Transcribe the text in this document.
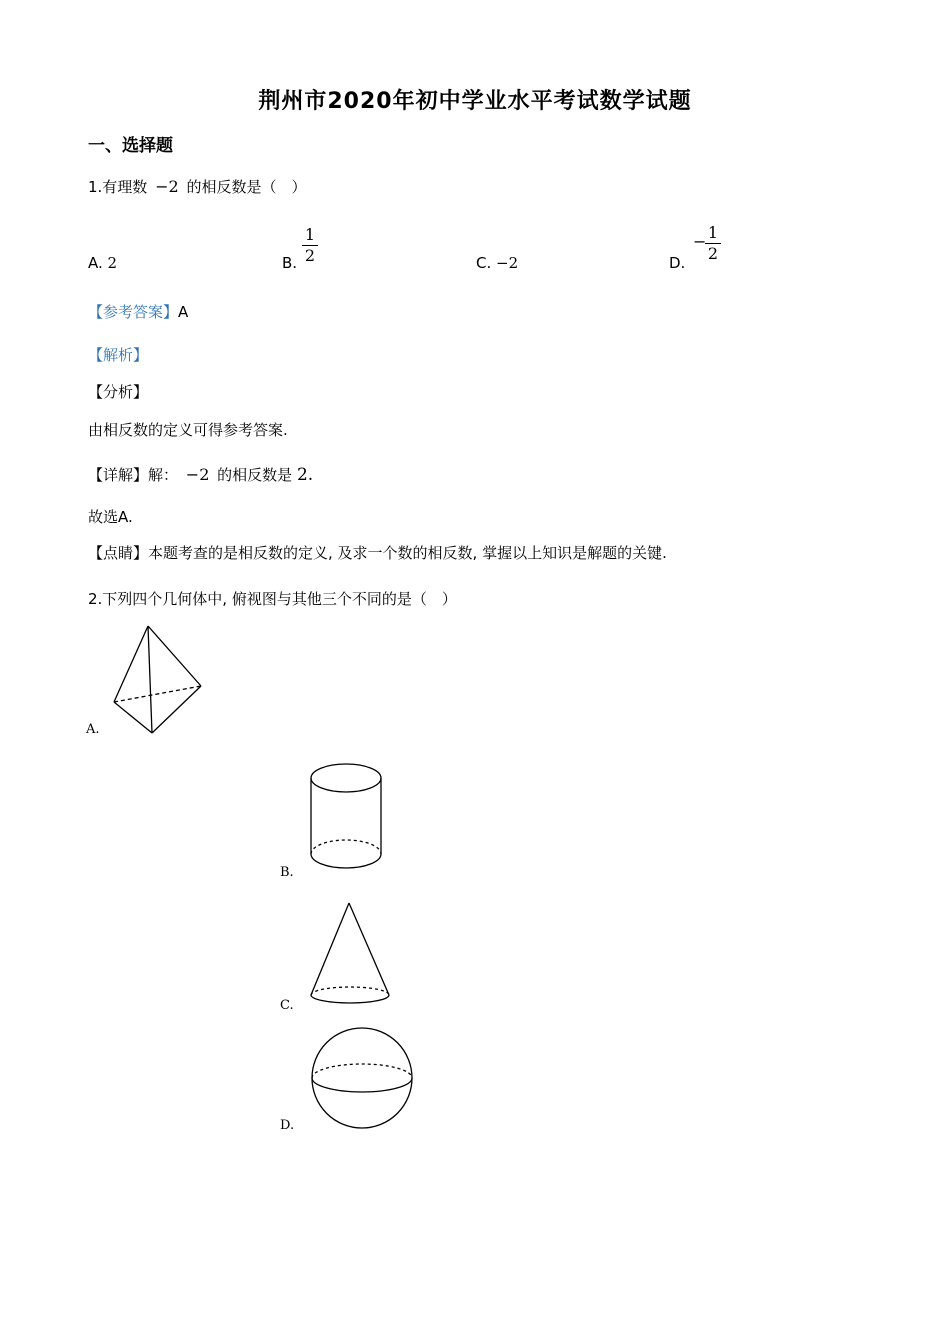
荆州市2020年初中学业水平考试数学试题
一、选择题
1.有理数 −2 的相反数是（　）
A. 2	B.
1
2	C. −2	D.
− 1
2
【参考答案】A
【解析】
【分析】
由相反数的定义可得参考答案.
【详解】解： −2 的相反数是 2.
故选A.
【点睛】本题考查的是相反数的定义, 及求一个数的相反数, 掌握以上知识是解题的关键.
2.下列四个几何体中, 俯视图与其他三个不同的是（　）
A.
B.
C.
D.
